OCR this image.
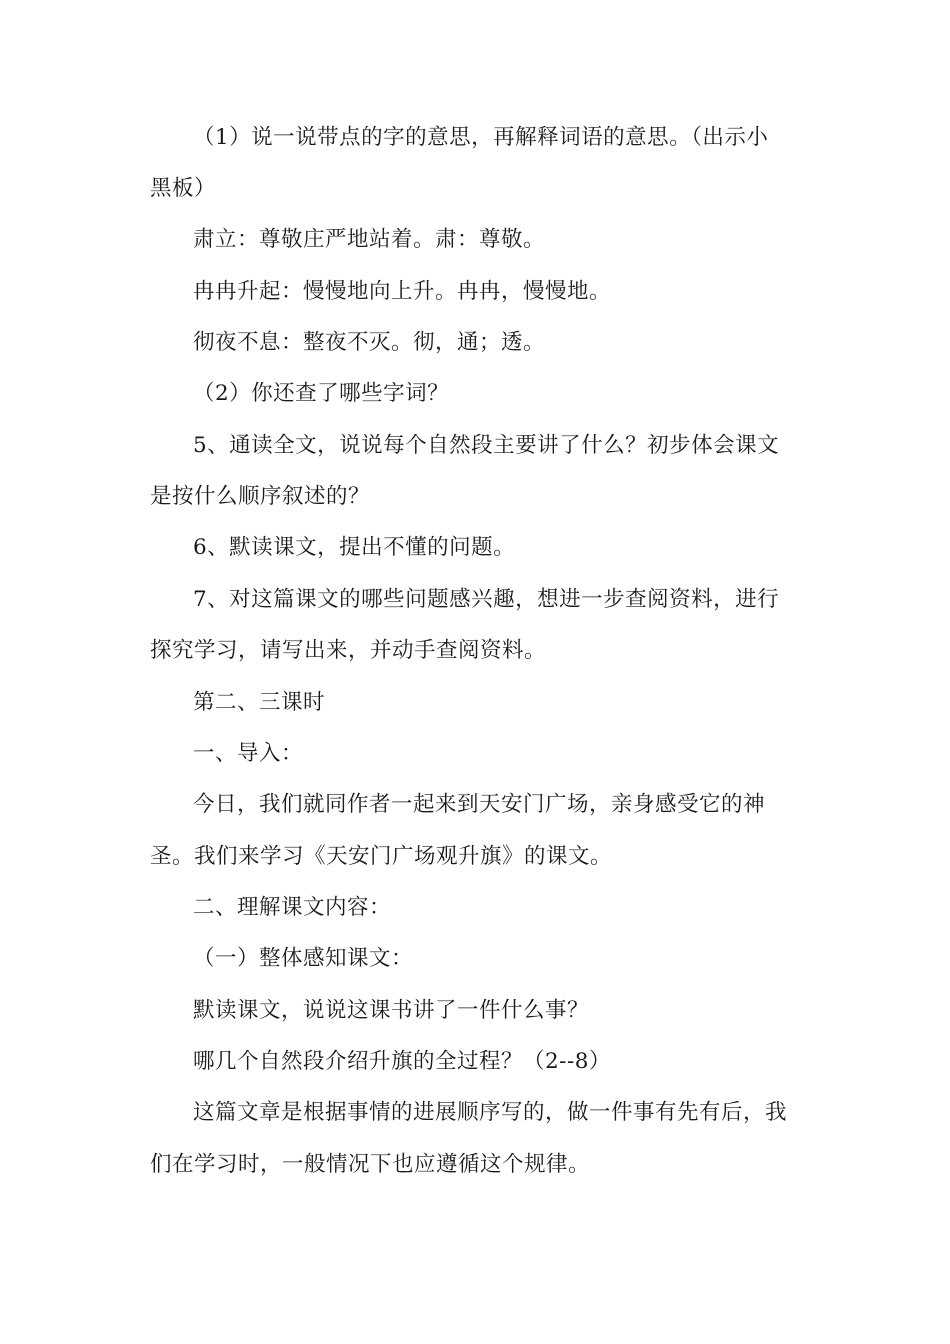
（1）说一说带点的字的意思，再解释词语的意思。（出示小
黑板）
肃立：尊敬庄严地站着。肃：尊敬。
冉冉升起：慢慢地向上升。冉冉，慢慢地。
彻夜不息：整夜不灭。彻，通；透。
（2）你还查了哪些字词？
5、通读全文，说说每个自然段主要讲了什么？初步体会课文
是按什么顺序叙述的？
6、默读课文，提出不懂的问题。
7、对这篇课文的哪些问题感兴趣，想进一步查阅资料，进行
探究学习，请写出来，并动手查阅资料。
第二、三课时
一、导入：
今日，我们就同作者一起来到天安门广场，亲身感受它的神
圣。我们来学习《天安门广场观升旗》的课文。
二、理解课文内容：
（一）整体感知课文：
默读课文，说说这课书讲了一件什么事？
哪几个自然段介绍升旗的全过程？（2--8）
这篇文章是根据事情的进展顺序写的，做一件事有先有后，我
们在学习时，一般情况下也应遵循这个规律。
